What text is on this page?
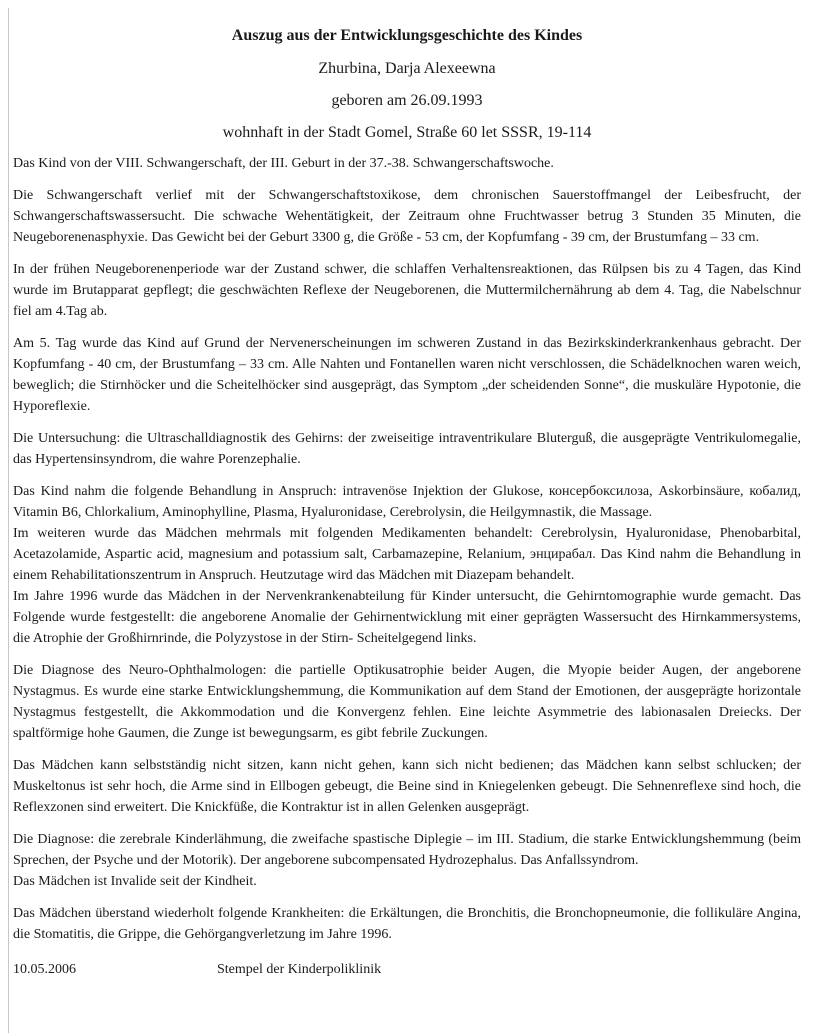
Auszug aus der Entwicklungsgeschichte des Kindes

Zhurbina, Darja Alexeewna

geboren am 26.09.1993

wohnhaft in der Stadt Gomel, Straße 60 let SSSR, 19-114

Das Kind von der VIII. Schwangerschaft, der III. Geburt in der 37.-38. Schwangerschaftswoche.

Die Schwangerschaft verlief mit der Schwangerschaftstoxikose, dem chronischen Sauerstoffmangel der Leibesfrucht, der Schwangerschaftswassersucht. Die schwache Wehentätigkeit, der Zeitraum ohne Fruchtwasser betrug 3 Stunden 35 Minuten, die Neugeborenenasphyxie. Das Gewicht bei der Geburt 3300 g, die Größe - 53 cm, der Kopfumfang - 39 cm, der Brustumfang – 33 cm.

In der frühen Neugeborenenperiode war der Zustand schwer, die schlaffen Verhaltensreaktionen, das Rülpsen bis zu 4 Tagen, das Kind wurde im Brutapparat gepflegt; die geschwächten Reflexe der Neugeborenen, die Muttermilchernährung ab dem 4. Tag, die Nabelschnur fiel am 4.Tag ab.

Am 5. Tag wurde das Kind auf Grund der Nervenerscheinungen im schweren Zustand in das Bezirkskinderkrankenhaus gebracht. Der Kopfumfang - 40 cm, der Brustumfang – 33 cm. Alle Nahten und Fontanellen waren nicht verschlossen, die Schädelknochen waren weich, beweglich; die Stirnhöcker und die Scheitelhöcker sind ausgeprägt, das Symptom „der scheidenden Sonne“, die muskuläre Hypotonie, die Hyporeflexie.

Die Untersuchung: die Ultraschalldiagnostik des Gehirns: der zweiseitige intraventrikulare Bluterguß, die ausgeprägte Ventrikulomegalie, das Hypertensinsyndrom, die wahre Porenzephalie.

Das Kind nahm die folgende Behandlung in Anspruch: intravenöse Injektion der Glukose, консербоксилоза, Askorbinsäure, кобалид, Vitamin B6, Chlorkalium, Aminophylline, Plasma, Hyaluronidase, Cerebrolysin, die Heilgymnastik, die Massage.

Im weiteren wurde das Mädchen mehrmals mit folgenden Medikamenten behandelt: Cerebrolysin, Hyaluronidase, Phenobarbital, Acetazolamide, Aspartic acid, magnesium and potassium salt, Carbamazepine, Relanium, энцирабал. Das Kind nahm die Behandlung in einem Rehabilitationszentrum in Anspruch. Heutzutage wird das Mädchen mit Diazepam behandelt.

Im Jahre 1996 wurde das Mädchen in der Nervenkrankenabteilung für Kinder untersucht, die Gehirntomographie wurde gemacht. Das Folgende wurde festgestellt: die angeborene Anomalie der Gehirnentwicklung mit einer geprägten Wassersucht des Hirnkammersystems, die Atrophie der Großhirnrinde, die Polyzystose in der Stirn- Scheitelgegend links.

Die Diagnose des Neuro-Ophthalmologen: die partielle Optikusatrophie beider Augen, die Myopie beider Augen, der angeborene Nystagmus. Es wurde eine starke Entwicklungshemmung, die Kommunikation auf dem Stand der Emotionen, der ausgeprägte horizontale Nystagmus festgestellt, die Akkommodation und die Konvergenz fehlen. Eine leichte Asymmetrie des labionasalen Dreiecks. Der spaltförmige hohe Gaumen, die Zunge ist bewegungsarm, es gibt febrile Zuckungen.

Das Mädchen kann selbstständig nicht sitzen, kann nicht gehen, kann sich nicht bedienen; das Mädchen kann selbst schlucken; der Muskeltonus ist sehr hoch, die Arme sind in Ellbogen gebeugt, die Beine sind in Kniegelenken gebeugt. Die Sehnenreflexe sind hoch, die Reflexzonen sind erweitert. Die Knickfüße, die Kontraktur ist in allen Gelenken ausgeprägt.

Die Diagnose: die zerebrale Kinderlähmung, die zweifache spastische Diplegie – im III. Stadium, die starke Entwicklungshemmung (beim Sprechen, der Psyche und der Motorik). Der angeborene subcompensated Hydrozephalus. Das Anfallssyndrom.

Das Mädchen ist Invalide seit der Kindheit.

Das Mädchen überstand wiederholt folgende Krankheiten: die Erkältungen, die Bronchitis, die Bronchopneumonie, die follikuläre Angina, die Stomatitis, die Grippe, die Gehörgangverletzung im Jahre 1996.

10.05.2006	Stempel der Kinderpoliklinik
